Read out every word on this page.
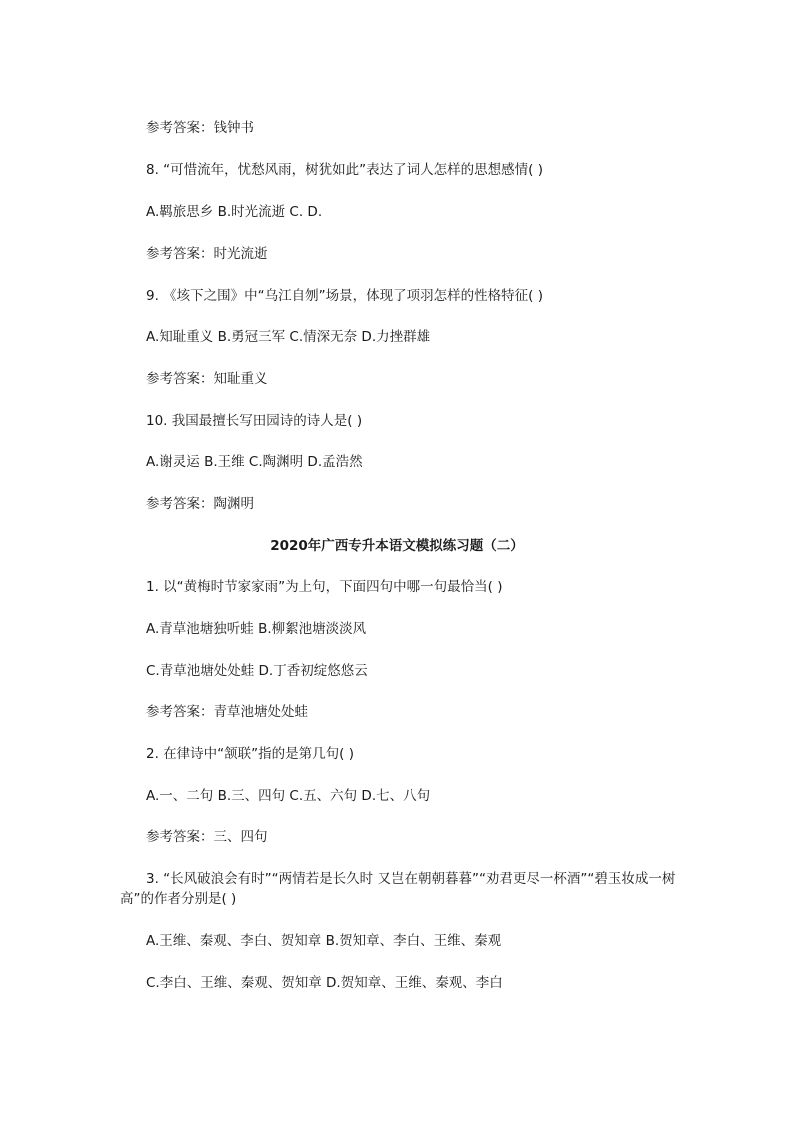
参考答案：钱钟书

8. “可惜流年，忧愁风雨，树犹如此”表达了词人怎样的思想感情( )

A.羁旅思乡 B.时光流逝 C. D.

参考答案：时光流逝

9. 《垓下之围》中“乌江自刎”场景，体现了项羽怎样的性格特征( )

A.知耻重义 B.勇冠三军 C.情深无奈 D.力挫群雄

参考答案：知耻重义

10. 我国最擅长写田园诗的诗人是( )

A.谢灵运 B.王维 C.陶渊明 D.孟浩然

参考答案：陶渊明

2020年广西专升本语文模拟练习题（二）

1. 以“黄梅时节家家雨”为上句，下面四句中哪一句最恰当( )

A.青草池塘独听蛙 B.柳絮池塘淡淡风

C.青草池塘处处蛙 D.丁香初绽悠悠云

参考答案：青草池塘处处蛙

2. 在律诗中“颔联”指的是第几句( )

A.一、二句 B.三、四句 C.五、六句 D.七、八句

参考答案：三、四句

3. “长风破浪会有时”“两情若是长久时 又岂在朝朝暮暮”“劝君更尽一杯酒”“碧玉妆成一树高”的作者分别是( )

A.王维、秦观、李白、贺知章 B.贺知章、李白、王维、秦观

C.李白、王维、秦观、贺知章 D.贺知章、王维、秦观、李白
